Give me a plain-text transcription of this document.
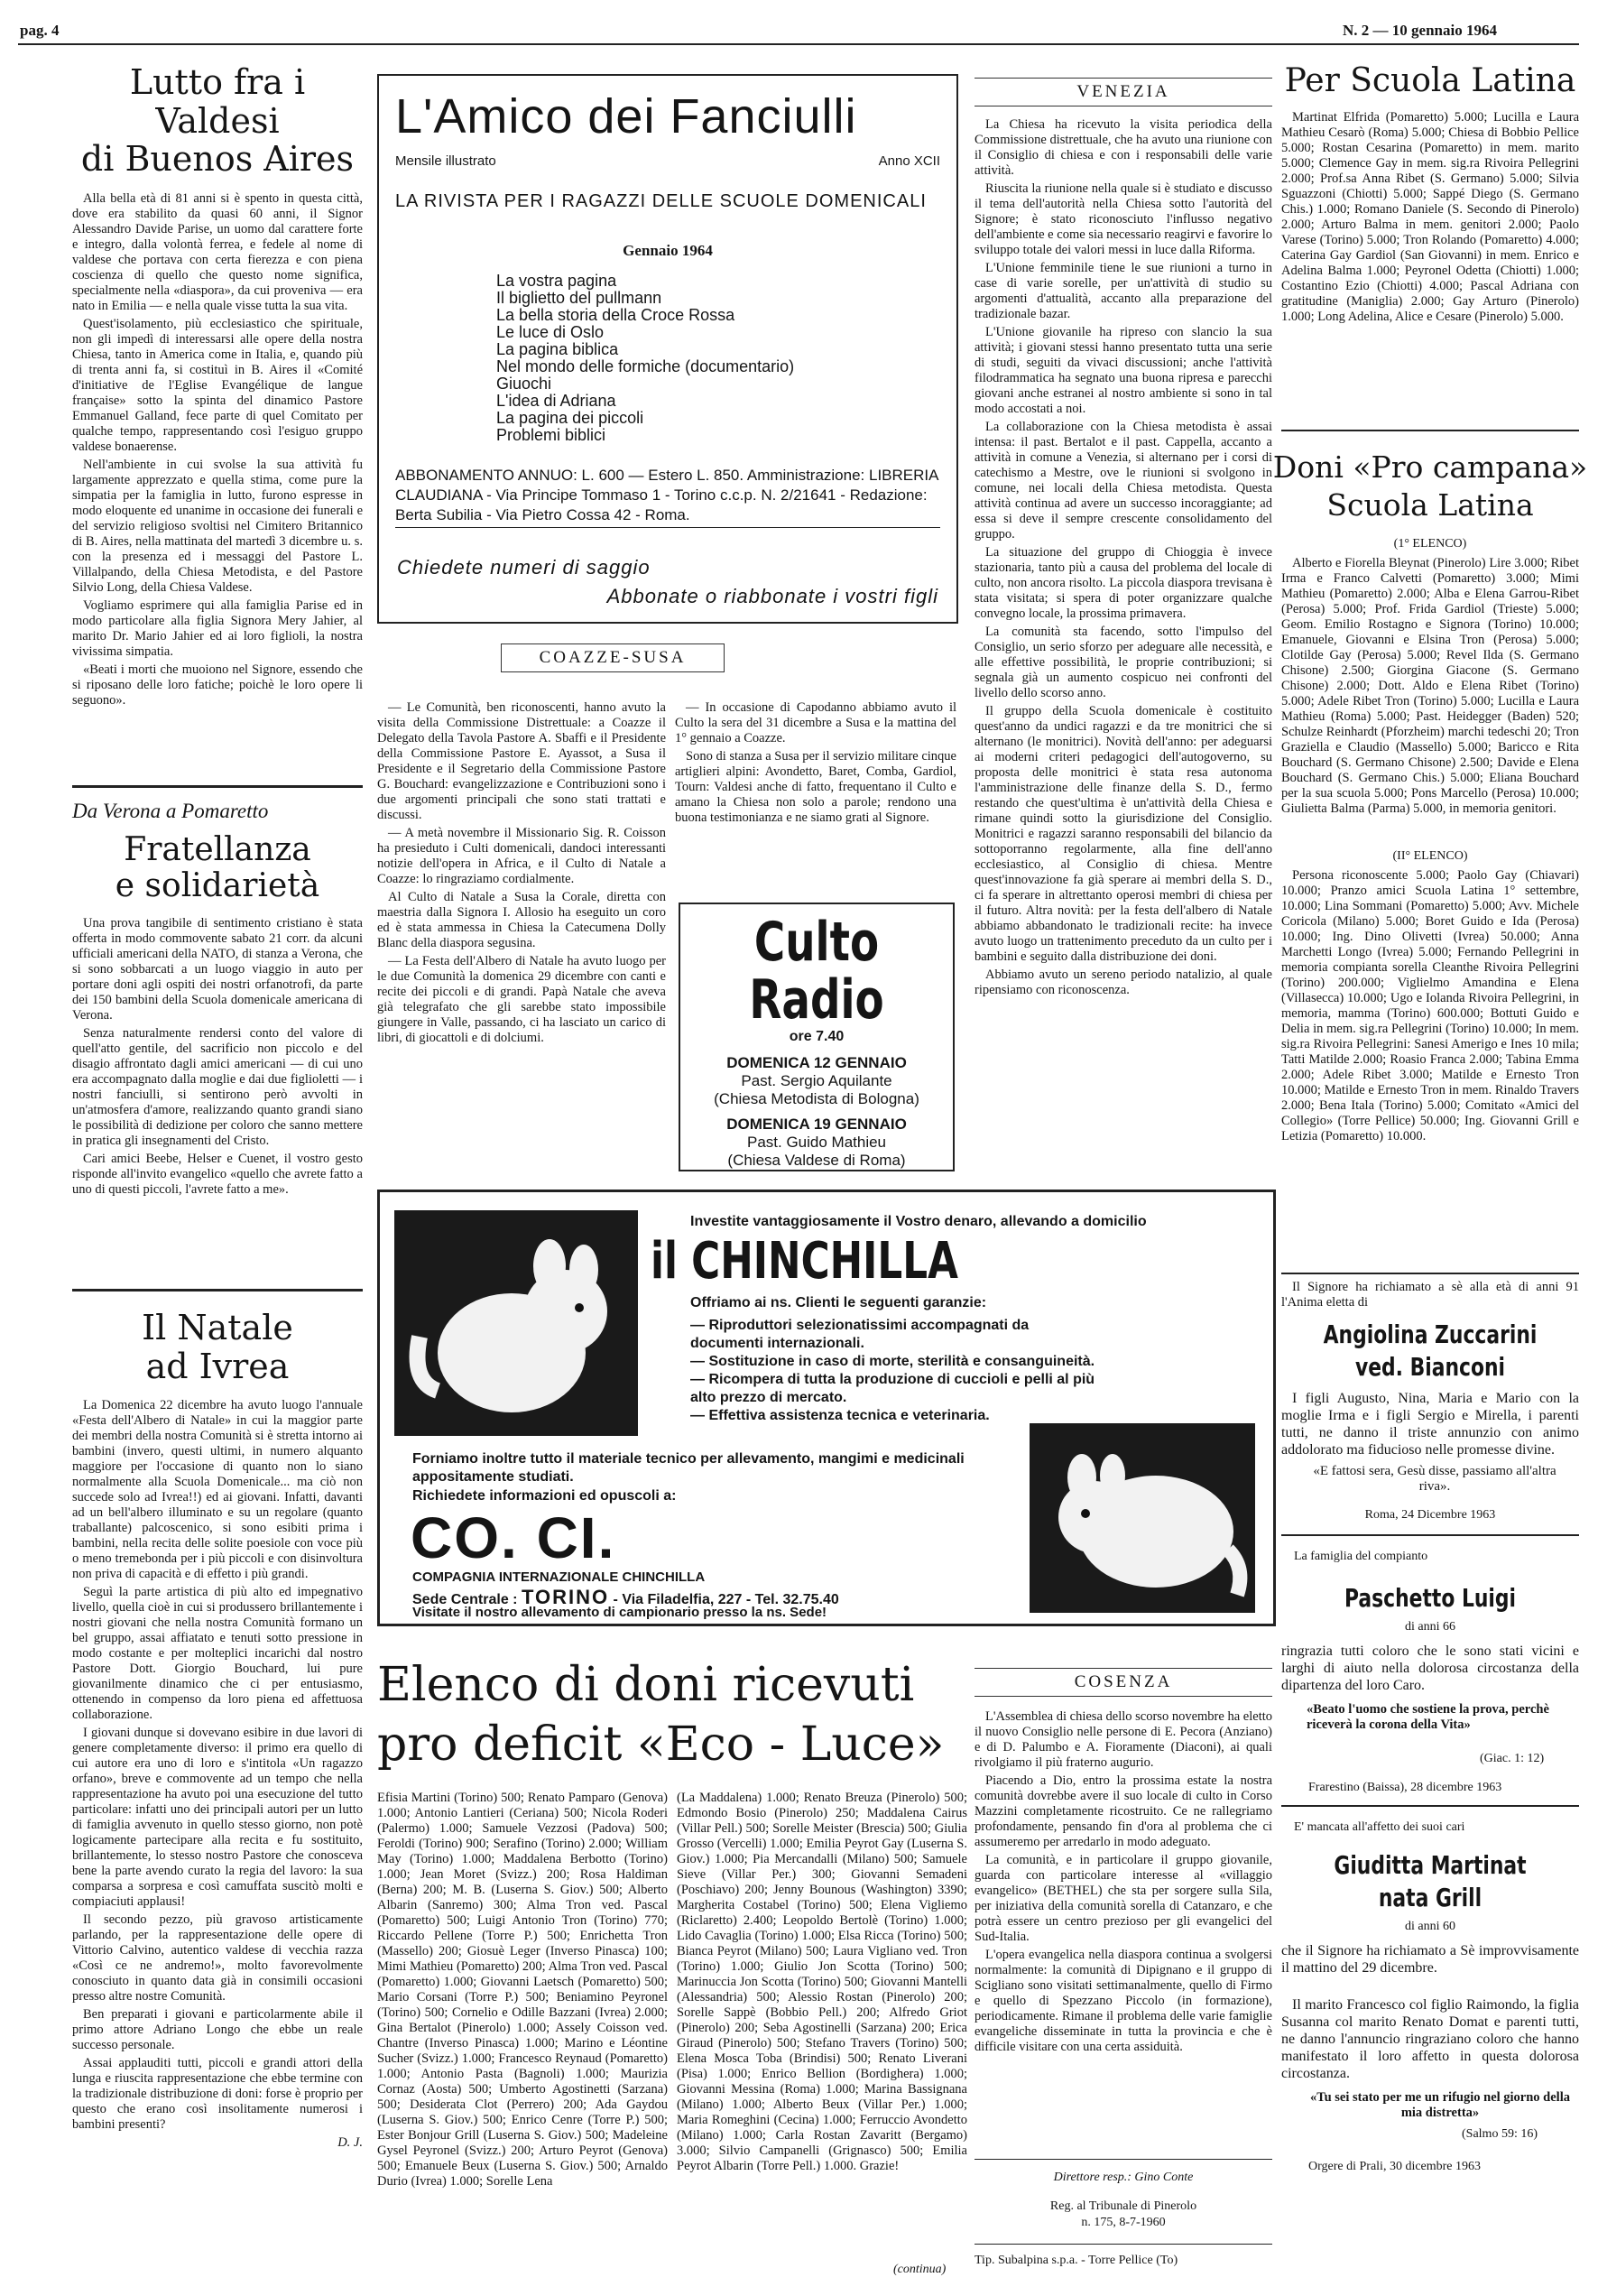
pag. 4	N. 2 — 10 gennaio 1964
Lutto fra i Valdesi
di Buenos Aires

Alla bella età di 81 anni si è spento in questa città, dove era stabilito da quasi 60 anni, il Signor Alessandro Davide Parise, un uomo dal carattere forte e integro, dalla volontà ferrea, e fedele al nome di valdese che portava con certa fierezza e con piena coscienza di quello che questo nome significa, specialmente nella «diaspora», da cui proveniva — era nato in Emilia — e nella quale visse tutta la sua vita.

Quest'isolamento, più ecclesiastico che spirituale, non gli impedì di interessarsi alle opere della nostra Chiesa, tanto in America come in Italia, e, quando più di trenta anni fa, si costituì in B. Aires il «Comité d'initiative de l'Eglise Evangélique de langue française» sotto la spinta del dinamico Pastore Emmanuel Galland, fece parte di quel Comitato per qualche tempo, rappresentando così l'esiguo gruppo valdese bonaerense.

Nell'ambiente in cui svolse la sua attività fu largamente apprezzato e quella stima, come pure la simpatia per la famiglia in lutto, furono espresse in modo eloquente ed unanime in occasione dei funerali e del servizio religioso svoltisi nel Cimitero Britannico di B. Aires, nella mattinata del martedì 3 dicembre u. s. con la presenza ed i messaggi del Pastore L. Villalpando, della Chiesa Metodista, e del Pastore Silvio Long, della Chiesa Valdese.

Vogliamo esprimere qui alla famiglia Parise ed in modo particolare alla figlia Signora Mery Jahier, al marito Dr. Mario Jahier ed ai loro figlioli, la nostra vivissima simpatia.

«Beati i morti che muoiono nel Signore, essendo che si riposano delle loro fatiche; poichè le loro opere li seguono».

Da Verona a Pomaretto
Fratellanza
e solidarietà

Una prova tangibile di sentimento cristiano è stata offerta in modo commovente sabato 21 corr. da alcuni ufficiali americani della NATO, di stanza a Verona, che si sono sobbarcati a un luogo viaggio in auto per portare doni agli ospiti dei nostri orfanotrofi, da parte dei 150 bambini della Scuola domenicale americana di Verona.

Senza naturalmente rendersi conto del valore di quell'atto gentile, del sacrificio non piccolo e del disagio affrontato dagli amici americani — di cui uno era accompagnato dalla moglie e dai due figlioletti — i nostri fanciulli, si sentirono però avvolti in un'atmosfera d'amore, realizzando quanto grandi siano le possibilità di dedizione per coloro che sanno mettere in pratica gli insegnamenti del Cristo.

Cari amici Beebe, Helser e Cuenet, il vostro gesto risponde all'invito evangelico «quello che avrete fatto a uno di questi piccoli, l'avrete fatto a me».

Il Natale
ad Ivrea

La Domenica 22 dicembre ha avuto luogo l'annuale «Festa dell'Albero di Natale» in cui la maggior parte dei membri della nostra Comunità si è stretta intorno ai bambini (invero, questi ultimi, in numero alquanto maggiore per l'occasione di quanto non lo siano normalmente alla Scuola Domenicale... ma ciò non succede solo ad Ivrea!!) ed ai giovani. Infatti, davanti ad un bell'albero illuminato e su un regolare (quanto traballante) palcoscenico, si sono esibiti prima i bambini, nella recita delle solite poesiole con voce più o meno tremebonda per i più piccoli e con disinvoltura non priva di capacità e di effetto i più grandi.

Seguì la parte artistica di più alto ed impegnativo livello, quella cioè in cui si produssero brillantemente i nostri giovani che nella nostra Comunità formano un bel gruppo, assai affiatato e tenuti sotto pressione in modo costante e per molteplici incarichi dal nostro Pastore Dott. Giorgio Bouchard, lui pure giovanilmente dinamico che ci per entusiasmo, ottenendo in compenso da loro piena ed affettuosa collaborazione.

I giovani dunque si dovevano esibire in due lavori di genere completamente diverso: il primo era quello di cui autore era uno di loro e s'intitola «Un ragazzo orfano», breve e commovente ad un tempo che nella rappresentazione ha avuto poi una esecuzione del tutto particolare: infatti uno dei principali autori per un lutto di famiglia avvenuto in quello stesso giorno, non potè logicamente partecipare alla recita e fu sostituito, brillantemente, lo stesso nostro Pastore che conosceva bene la parte avendo curato la regia del lavoro: la sua comparsa a sorpresa e così camuffata suscitò molti e compiaciuti applausi!

Il secondo pezzo, più gravoso artisticamente parlando, per la rappresentazione delle opere di Vittorio Calvino, autentico valdese di vecchia razza «Così ce ne andremo!», molto favorevolmente conosciuto in quanto data già in consimili occasioni presso altre nostre Comunità.

Ben preparati i giovani e particolarmente abile il primo attore Adriano Longo che ebbe un reale successo personale.

Assai applauditi tutti, piccoli e grandi attori della lunga e riuscita rappresentazione che ebbe termine con la tradizionale distribuzione di doni: forse è proprio per questo che erano così insolitamente numerosi i bambini presenti?

D. J.

L'Amico dei Fanciulli
Mensile illustrato	Anno XCII
LA RIVISTA PER I RAGAZZI DELLE SCUOLE DOMENICALI
Gennaio 1964
La vostra pagina
Il biglietto del pullmann
La bella storia della Croce Rossa
Le luce di Oslo
La pagina biblica
Nel mondo delle formiche (documentario)
Giuochi
L'idea di Adriana
La pagina dei piccoli
Problemi biblici
ABBONAMENTO ANNUO: L. 600 — Estero L. 850. Amministrazione: LIBRERIA CLAUDIANA - Via Principe Tommaso 1 - Torino c.c.p. N. 2/21641 - Redazione: Berta Subilia - Via Pietro Cossa 42 - Roma.
Chiedete numeri di saggio
Abbonate o riabbonate i vostri figli
COAZZE-SUSA

— Le Comunità, ben riconoscenti, hanno avuto la visita della Commissione Distrettuale: a Coazze il Delegato della Tavola Pastore A. Sbaffi e il Presidente della Commissione Pastore E. Ayassot, a Susa il Presidente e il Segretario della Commissione Pastore G. Bouchard: evangelizzazione e Contribuzioni sono i due argomenti principali che sono stati trattati e discussi.

— A metà novembre il Missionario Sig. R. Coisson ha presieduto i Culti domenicali, dandoci interessanti notizie dell'opera in Africa, e il Culto di Natale a Coazze: lo ringraziamo cordialmente.

Al Culto di Natale a Susa la Corale, diretta con maestria dalla Signora I. Allosio ha eseguito un coro ed è stata ammessa in Chiesa la Catecumena Dolly Blanc della diaspora segusina.

— La Festa dell'Albero di Natale ha avuto luogo per le due Comunità la domenica 29 dicembre con canti e recite dei piccoli e di grandi. Papà Natale che aveva già telegrafato che gli sarebbe stato impossibile giungere in Valle, passando, ci ha lasciato un carico di libri, di giocattoli e di dolciumi.

— In occasione di Capodanno abbiamo avuto il Culto la sera del 31 dicembre a Susa e la mattina del 1° gennaio a Coazze.

Sono di stanza a Susa per il servizio militare cinque artiglieri alpini: Avondetto, Baret, Comba, Gardiol, Tourn: Valdesi anche di fatto, frequentano il Culto e amano la Chiesa non solo a parole; rendono una buona testimonianza e ne siamo grati al Signore.

Culto Radio
ore 7.40
DOMENICA 12 GENNAIO
Past. Sergio Aquilante
(Chiesa Metodista di Bologna)
DOMENICA 19 GENNAIO
Past. Guido Mathieu
(Chiesa Valdese di Roma)
VENEZIA

La Chiesa ha ricevuto la visita periodica della Commissione distrettuale, che ha avuto una riunione con il Consiglio di chiesa e con i responsabili delle varie attività.

Riuscita la riunione nella quale si è studiato e discusso il tema dell'autorità nella Chiesa sotto l'autorità del Signore; è stato riconosciuto l'influsso negativo dell'ambiente e come sia necessario reagirvi e favorire lo sviluppo totale dei valori messi in luce dalla Riforma.

L'Unione femminile tiene le sue riunioni a turno in case di varie sorelle, per un'attività di studio su argomenti d'attualità, accanto alla preparazione del tradizionale bazar.

L'Unione giovanile ha ripreso con slancio la sua attività; i giovani stessi hanno presentato tutta una serie di studi, seguiti da vivaci discussioni; anche l'attività filodrammatica ha segnato una buona ripresa e parecchi giovani anche estranei al nostro ambiente si sono in tal modo accostati a noi.

La collaborazione con la Chiesa metodista è assai intensa: il past. Bertalot e il past. Cappella, accanto a attività in comune a Venezia, si alternano per i corsi di catechismo a Mestre, ove le riunioni si svolgono in comune, nei locali della Chiesa metodista. Questa attività continua ad avere un successo incoraggiante; ad essa si deve il sempre crescente consolidamento del gruppo.

La situazione del gruppo di Chioggia è invece stazionaria, tanto più a causa del problema del locale di culto, non ancora risolto. La piccola diaspora trevisana è stata visitata; si spera di poter organizzare qualche convegno locale, la prossima primavera.

La comunità sta facendo, sotto l'impulso del Consiglio, un serio sforzo per adeguare alle necessità, e alle effettive possibilità, le proprie contribuzioni; si segnala già un aumento cospicuo nei confronti del livello dello scorso anno.

Il gruppo della Scuola domenicale è costituito quest'anno da undici ragazzi e da tre monitrici che si alternano (le monitrici). Novità dell'anno: per adeguarsi ai moderni criteri pedagogici dell'autogoverno, su proposta delle monitrici è stata resa autonoma l'amministrazione delle finanze della S. D., fermo restando che quest'ultima è un'attività della Chiesa e rimane quindi sotto la giurisdizione del Consiglio. Monitrici e ragazzi saranno responsabili del bilancio da sottoporranno regolarmente, alla fine dell'anno ecclesiastico, al Consiglio di chiesa. Mentre quest'innovazione fa già sperare ai membri della S. D., ci fa sperare in altrettanto operosi membri di chiesa per il futuro. Altra novità: per la festa dell'albero di Natale abbiamo abbandonato le tradizionali recite: ha invece avuto luogo un trattenimento preceduto da un culto per i bambini e seguito dalla distribuzione dei doni.

Abbiamo avuto un sereno periodo natalizio, al quale ripensiamo con riconoscenza.

Per Scuola Latina
Martinat Elfrida (Pomaretto) 5.000; Lucilla e Laura Mathieu Cesarò (Roma) 5.000; Chiesa di Bobbio Pellice 5.000; Rostan Cesarina (Pomaretto) in mem. marito 5.000; Clemence Gay in mem. sig.ra Rivoira Pellegrini 2.000; Prof.sa Anna Ribet (S. Germano) 5.000; Silvia Sguazzoni (Chiotti) 5.000; Sappé Diego (S. Germano Chis.) 1.000; Romano Daniele (S. Secondo di Pinerolo) 2.000; Arturo Balma in mem. genitori 2.000; Paolo Varese (Torino) 5.000; Tron Rolando (Pomaretto) 4.000; Caterina Gay Gardiol (San Giovanni) in mem. Enrico e Adelina Balma 1.000; Peyronel Odetta (Chiotti) 1.000; Costantino Ezio (Chiotti) 4.000; Pascal Adriana con gratitudine (Maniglia) 2.000; Gay Arturo (Pinerolo) 1.000; Long Adelina, Alice e Cesare (Pinerolo) 5.000.
Doni «Pro campana»
Scuola Latina
(1° ELENCO)
Alberto e Fiorella Bleynat (Pinerolo) Lire 3.000; Ribet Irma e Franco Calvetti (Pomaretto) 3.000; Mimi Mathieu (Pomaretto) 2.000; Alba e Elena Garrou-Ribet (Perosa) 5.000; Prof. Frida Gardiol (Trieste) 5.000; Geom. Emilio Rostagno e Signora (Torino) 10.000; Emanuele, Giovanni e Elsina Tron (Perosa) 5.000; Clotilde Gay (Perosa) 5.000; Revel Ilda (S. Germano Chisone) 2.500; Giorgina Giacone (S. Germano Chisone) 2.000; Dott. Aldo e Elena Ribet (Torino) 5.000; Adele Ribet Tron (Torino) 5.000; Lucilla e Laura Mathieu (Roma) 5.000; Past. Heidegger (Baden) 520; Schulze Reinhardt (Pforzheim) marchi tedeschi 20; Tron Graziella e Claudio (Massello) 5.000; Baricco e Rita Bouchard (S. Germano Chisone) 2.500; Davide e Elena Bouchard (S. Germano Chis.) 5.000; Eliana Bouchard per la sua scuola 5.000; Pons Marcello (Perosa) 10.000; Giulietta Balma (Parma) 5.000, in memoria genitori.
(II° ELENCO)
Persona riconoscente 5.000; Paolo Gay (Chiavari) 10.000; Pranzo amici Scuola Latina 1° settembre, 10.000; Lina Sommani (Pomaretto) 5.000; Avv. Michele Coricola (Milano) 5.000; Boret Guido e Ida (Perosa) 10.000; Ing. Dino Olivetti (Ivrea) 50.000; Anna Marchetti Longo (Ivrea) 5.000; Fernando Pellegrini in memoria compianta sorella Cleanthe Rivoira Pellegrini (Torino) 200.000; Viglielmo Amandina e Elena (Villasecca) 10.000; Ugo e Iolanda Rivoira Pellegrini, in memoria, mamma (Torino) 600.000; Bottuti Guido e Delia in mem. sig.ra Pellegrini (Torino) 10.000; In mem. sig.ra Rivoira Pellegrini: Sanesi Amerigo e Ines 10 mila; Tatti Matilde 2.000; Roasio Franca 2.000; Tabina Emma 2.000; Adele Ribet 3.000; Matilde e Ernesto Tron 10.000; Matilde e Ernesto Tron in mem. Rinaldo Travers 2.000; Bena Itala (Torino) 5.000; Comitato «Amici del Collegio» (Torre Pellice) 50.000; Ing. Giovanni Grill e Letizia (Pomaretto) 10.000.
Il Signore ha richiamato a sè alla età di anni 91 l'Anima eletta di
Angiolina Zuccarini
ved. Bianconi
I figli Augusto, Nina, Maria e Mario con la moglie Irma e i figli Sergio e Mirella, i parenti tutti, ne danno il triste annunzio con animo addolorato ma fiducioso nelle promesse divine.
«E fattosi sera, Gesù disse, passiamo all'altra riva».
Roma, 24 Dicembre 1963
La famiglia del compianto
Paschetto Luigi
di anni 66
ringrazia tutti coloro che le sono stati vicini e larghi di aiuto nella dolorosa circostanza della dipartenza del loro Caro.
«Beato l'uomo che sostiene la prova, perchè riceverà la corona della Vita»
(Giac. 1: 12)
Frarestino (Baissa), 28 dicembre 1963
E' mancata all'affetto dei suoi cari
Giuditta Martinat
nata Grill
di anni 60
che il Signore ha richiamato a Sè improvvisamente il mattino del 29 dicembre.
Il marito Francesco col figlio Raimondo, la figlia Susanna col marito Renato Domat e parenti tutti, ne danno l'annuncio ringraziano coloro che hanno manifestato il loro affetto in questa dolorosa circostanza.
«Tu sei stato per me un rifugio nel giorno della mia distretta»
(Salmo 59: 16)
Orgere di Prali, 30 dicembre 1963
Investite vantaggiosamente il Vostro denaro, allevando a domicilio
il CHINCHILLA
Offriamo ai ns. Clienti le seguenti garanzie:
— Riproduttori selezionatissimi accompagnati da documenti internazionali.
— Sostituzione in caso di morte, sterilità e consanguineità.
— Ricompera di tutta la produzione di cuccioli e pelli al più alto prezzo di mercato.
— Effettiva assistenza tecnica e veterinaria.
Forniamo inoltre tutto il materiale tecnico per allevamento, mangimi e medicinali appositamente studiati.
Richiedete informazioni ed opuscoli a:
CO. CI.
COMPAGNIA INTERNAZIONALE CHINCHILLA
Sede Centrale : TORINO - Via Filadelfia, 227 - Tel. 32.75.40
Visitate il nostro allevamento di campionario presso la ns. Sede!
Elenco di doni ricevuti
pro deficit «Eco - Luce»
Efisia Martini (Torino) 500; Renato Pamparo (Genova) 1.000; Antonio Lantieri (Ceriana) 500; Nicola Roderi (Palermo) 1.000; Samuele Vezzosi (Padova) 500; Feroldi (Torino) 900; Serafino (Torino) 2.000; William May (Torino) 1.000; Maddalena Berbotto (Torino) 1.000; Jean Moret (Svizz.) 200; Rosa Haldiman (Berna) 200; M. B. (Luserna S. Giov.) 500; Alberto Albarin (Sanremo) 300; Alma Tron ved. Pascal (Pomaretto) 500; Luigi Antonio Tron (Torino) 770; Riccardo Pellene (Torre P.) 500; Enrichetta Tron (Massello) 200; Giosuè Leger (Inverso Pinasca) 100; Mimi Mathieu (Pomaretto) 200; Alma Tron ved. Pascal (Pomaretto) 1.000; Giovanni Laetsch (Pomaretto) 500; Mario Corsani (Torre P.) 500; Beniamino Peyronel (Torino) 500; Cornelio e Odille Bazzani (Ivrea) 2.000; Gina Bertalot (Pinerolo) 1.000; Assely Coisson ved. Chantre (Inverso Pinasca) 1.000; Marino e Léontine Sucher (Svizz.) 1.000; Francesco Reynaud (Pomaretto) 1.000; Antonio Pasta (Bagnoli) 1.000; Maurizia Cornaz (Aosta) 500; Umberto Agostinetti (Sarzana) 500; Desiderata Clot (Perrero) 200; Ada Gaydou (Luserna S. Giov.) 500; Enrico Cenre (Torre P.) 500; Ester Bonjour Grill (Luserna S. Giov.) 500; Madeleine Gysel Peyronel (Svizz.) 200; Arturo Peyrot (Genova) 500; Emanuele Beux (Luserna S. Giov.) 500; Arnaldo Durio (Ivrea) 1.000; Sorelle Lena
(La Maddalena) 1.000; Renato Breuza (Pinerolo) 500; Edmondo Bosio (Pinerolo) 250; Maddalena Cairus (Villar Pell.) 500; Sorelle Meister (Brescia) 500; Giulia Grosso (Vercelli) 1.000; Emilia Peyrot Gay (Luserna S. Giov.) 1.000; Pia Mercandalli (Milano) 500; Samuele Sieve (Villar Per.) 300; Giovanni Semadeni (Poschiavo) 200; Jenny Bounous (Washington) 3390; Margherita Costabel (Torino) 500; Elena Vigliemo (Riclaretto) 2.400; Leopoldo Bertolè (Torino) 1.000; Lido Cavaglia (Torino) 1.000; Elsa Ricca (Torino) 500; Bianca Peyrot (Milano) 500; Laura Vigliano ved. Tron (Torino) 1.000; Giulio Jon Scotta (Torino) 500; Marinuccia Jon Scotta (Torino) 500; Giovanni Mantelli (Alessandria) 500; Alessio Rostan (Pinerolo) 200; Sorelle Sappè (Bobbio Pell.) 200; Alfredo Griot (Pinerolo) 200; Seba Agostinelli (Sarzana) 200; Erica Giraud (Pinerolo) 500; Stefano Travers (Torino) 500; Elena Mosca Toba (Brindisi) 500; Renato Liverani (Pisa) 1.000; Enrico Bellion (Bordighera) 1.000; Giovanni Messina (Roma) 1.000; Marina Bassignana (Milano) 1.000; Alberto Beux (Villar Per.) 1.000; Maria Romeghini (Cecina) 1.000; Ferruccio Avondetto (Milano) 1.000; Carla Rostan Zavaritt (Bergamo) 3.000; Silvio Campanelli (Grignasco) 500; Emilia Peyrot Albarin (Torre Pell.) 1.000. Grazie!
(continua)
COSENZA

L'Assemblea di chiesa dello scorso novembre ha eletto il nuovo Consiglio nelle persone di E. Pecora (Anziano) e di D. Palumbo e A. Fioramente (Diaconi), ai quali rivolgiamo il più fraterno augurio.

Piacendo a Dio, entro la prossima estate la nostra comunità dovrebbe avere il suo locale di culto in Corso Mazzini completamente ricostruito. Ce ne rallegriamo profondamente, pensando fin d'ora al problema che ci assumeremo per arredarlo in modo adeguato.

La comunità, e in particolare il gruppo giovanile, guarda con particolare interesse al «villaggio evangelico» (BETHEL) che sta per sorgere sulla Sila, per iniziativa della comunità sorella di Catanzaro, e che potrà essere un centro prezioso per gli evangelici del Sud-Italia.

L'opera evangelica nella diaspora continua a svolgersi normalmente: la comunità di Dipignano e il gruppo di Scigliano sono visitati settimanalmente, quello di Firmo e quello di Spezzano Piccolo (in formazione), periodicamente. Rimane il problema delle varie famiglie evangeliche disseminate in tutta la provincia e che è difficile visitare con una certa assiduità.

Direttore resp.: Gino Conte
Reg. al Tribunale di Pinerolo
n. 175, 8-7-1960
Tip. Subalpina s.p.a. - Torre Pellice (To)
